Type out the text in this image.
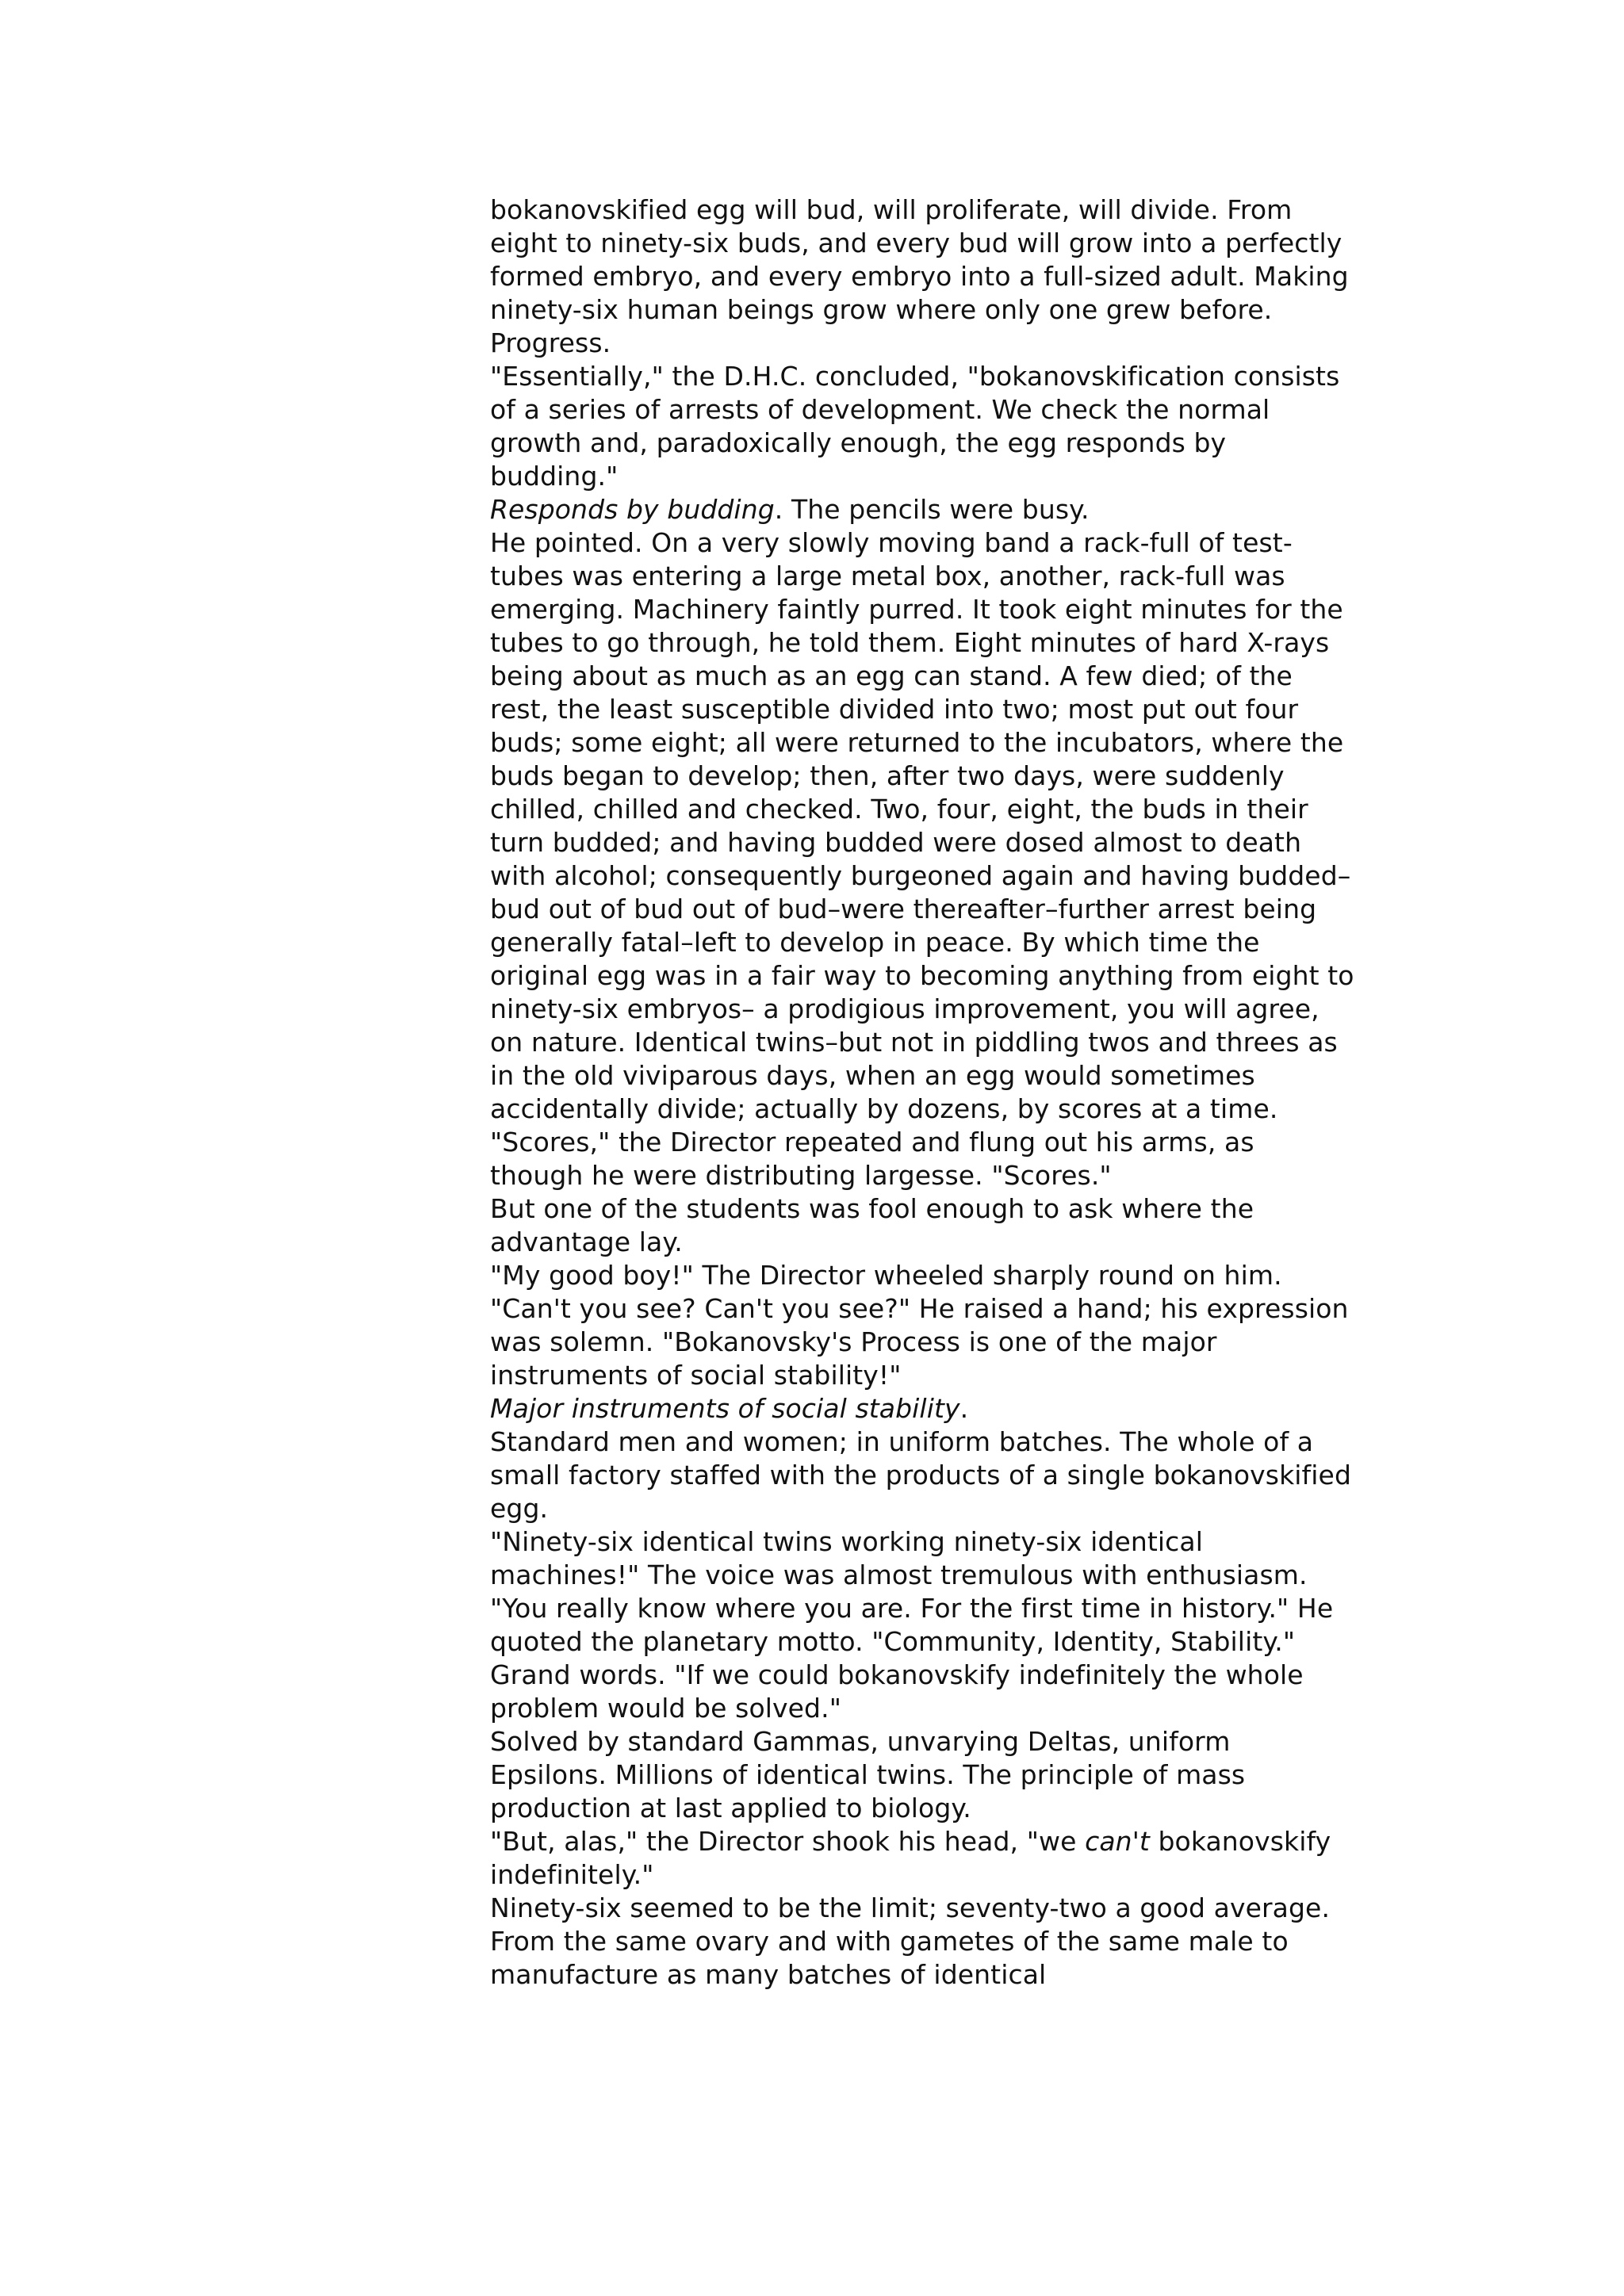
bokanovskified egg will bud, will proliferate, will divide. From eight to ninety-six buds, and every bud will grow into a perfectly formed embryo, and every embryo into a full-sized adult. Making ninety-six human beings grow where only one grew before. Progress.

"Essentially," the D.H.C. concluded, "bokanovskification consists of a series of arrests of development. We check the normal growth and, paradoxically enough, the egg responds by budding."

Responds by budding. The pencils were busy.

He pointed. On a very slowly moving band a rack-full of test-tubes was entering a large metal box, another, rack-full was emerging. Machinery faintly purred. It took eight minutes for the tubes to go through, he told them. Eight minutes of hard X-rays being about as much as an egg can stand. A few died; of the rest, the least susceptible divided into two; most put out four buds; some eight; all were returned to the incubators, where the buds began to develop; then, after two days, were suddenly chilled, chilled and checked. Two, four, eight, the buds in their turn budded; and having budded were dosed almost to death with alcohol; consequently burgeoned again and having budded–bud out of bud out of bud–were thereafter–further arrest being generally fatal–left to develop in peace. By which time the original egg was in a fair way to becoming anything from eight to ninety-six embryos– a prodigious improvement, you will agree, on nature. Identical twins–but not in piddling twos and threes as in the old viviparous days, when an egg would sometimes accidentally divide; actually by dozens, by scores at a time.

"Scores," the Director repeated and flung out his arms, as though he were distributing largesse. "Scores."

But one of the students was fool enough to ask where the advantage lay.

"My good boy!" The Director wheeled sharply round on him. "Can't you see? Can't you see?" He raised a hand; his expression was solemn. "Bokanovsky's Process is one of the major instruments of social stability!"

Major instruments of social stability.

Standard men and women; in uniform batches. The whole of a small factory staffed with the products of a single bokanovskified egg.

"Ninety-six identical twins working ninety-six identical machines!" The voice was almost tremulous with enthusiasm. "You really know where you are. For the first time in history." He quoted the planetary motto. "Community, Identity, Stability." Grand words. "If we could bokanovskify indefinitely the whole problem would be solved."

Solved by standard Gammas, unvarying Deltas, uniform Epsilons. Millions of identical twins. The principle of mass production at last applied to biology.

"But, alas," the Director shook his head, "we can't bokanovskify indefinitely."

Ninety-six seemed to be the limit; seventy-two a good average. From the same ovary and with gametes of the same male to manufacture as many batches of identical
